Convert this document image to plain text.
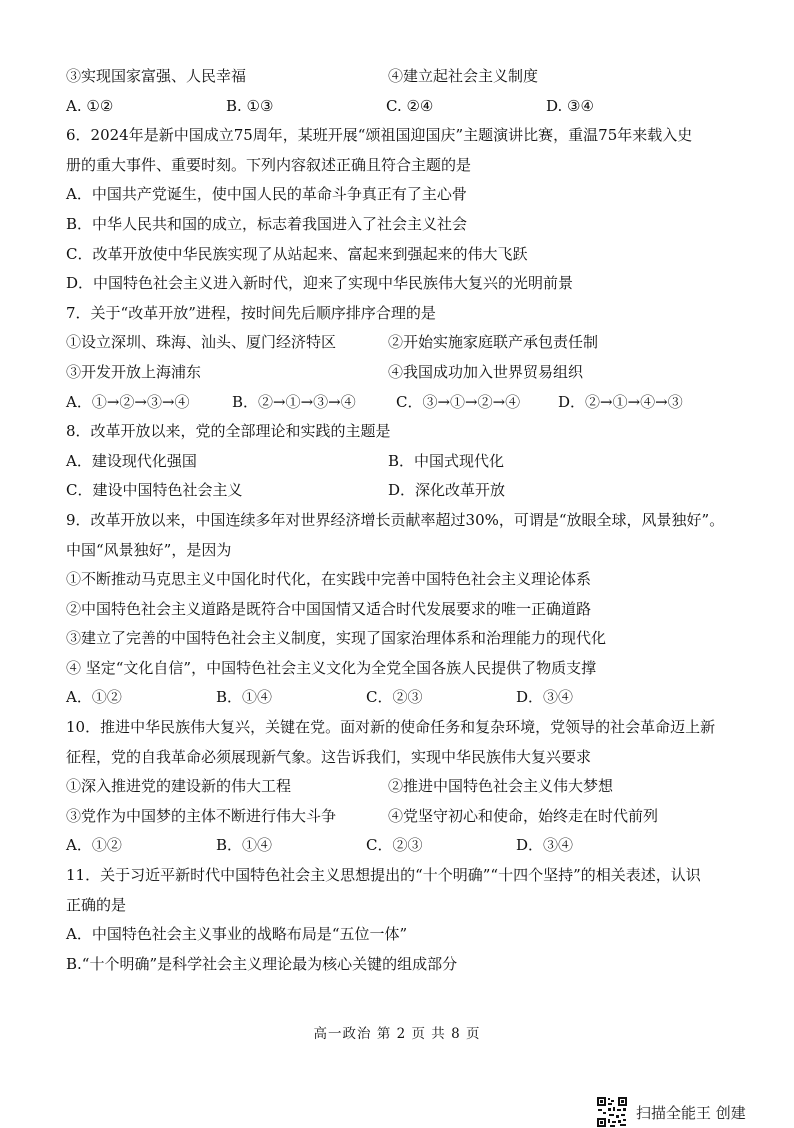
③实现国家富强、人民幸福	④建立起社会主义制度
A. ①②	B. ①③	C. ②④	D. ③④
6．2024年是新中国成立75周年，某班开展“颂祖国迎国庆”主题演讲比赛，重温75年来载入史
册的重大事件、重要时刻。下列内容叙述正确且符合主题的是
A．中国共产党诞生，使中国人民的革命斗争真正有了主心骨
B．中华人民共和国的成立，标志着我国进入了社会主义社会
C．改革开放使中华民族实现了从站起来、富起来到强起来的伟大飞跃
D．中国特色社会主义进入新时代，迎来了实现中华民族伟大复兴的光明前景
7．关于“改革开放”进程，按时间先后顺序排序合理的是
①设立深圳、珠海、汕头、厦门经济特区	②开始实施家庭联产承包责任制
③开发开放上海浦东	④我国成功加入世界贸易组织
A．①→②→③→④	B．②→①→③→④	C．③→①→②→④	D．②→①→④→③
8．改革开放以来，党的全部理论和实践的主题是
A．建设现代化强国	B．中国式现代化
C．建设中国特色社会主义	D．深化改革开放
9．改革开放以来，中国连续多年对世界经济增长贡献率超过30%，可谓是“放眼全球，风景独好”。
中国“风景独好”，是因为
①不断推动马克思主义中国化时代化，在实践中完善中国特色社会主义理论体系
②中国特色社会主义道路是既符合中国国情又适合时代发展要求的唯一正确道路
③建立了完善的中国特色社会主义制度，实现了国家治理体系和治理能力的现代化
④ 坚定“文化自信”，中国特色社会主义文化为全党全国各族人民提供了物质支撑
A．①②	B．①④	C．②③	D．③④
10．推进中华民族伟大复兴，关键在党。面对新的使命任务和复杂环境，党领导的社会革命迈上新
征程，党的自我革命必须展现新气象。这告诉我们，实现中华民族伟大复兴要求
①深入推进党的建设新的伟大工程	②推进中国特色社会主义伟大梦想
③党作为中国梦的主体不断进行伟大斗争	④党坚守初心和使命，始终走在时代前列
A．①②	B．①④	C．②③	D．③④
11．关于习近平新时代中国特色社会主义思想提出的“十个明确”“十四个坚持”的相关表述，认识
正确的是
A．中国特色社会主义事业的战略布局是“五位一体”
B.“十个明确”是科学社会主义理论最为核心关键的组成部分
高一政治 第 2 页 共 8 页
扫描全能王 创建
